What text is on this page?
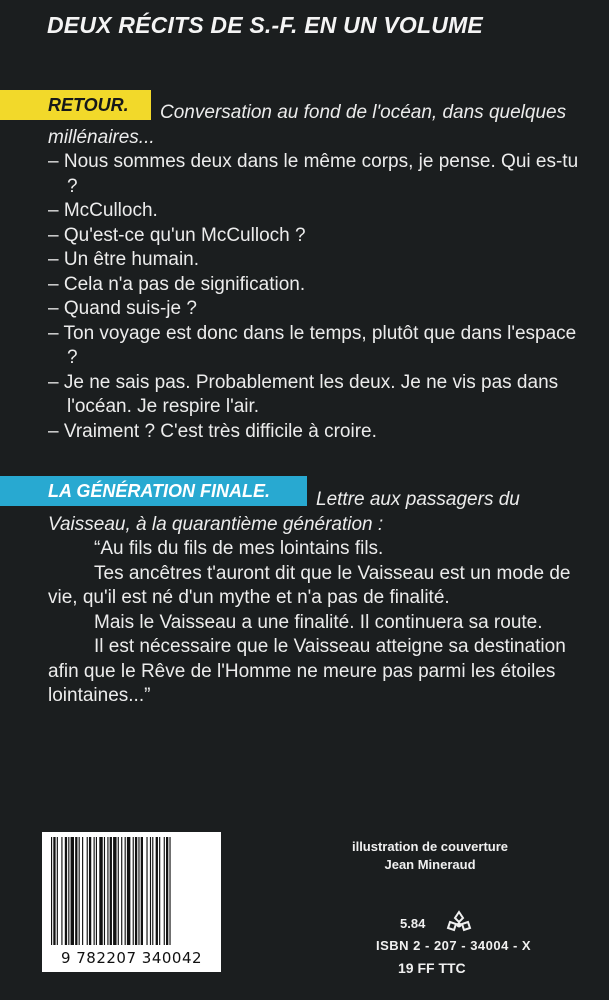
DEUX RÉCITS DE S.-F. EN UN VOLUME
RETOUR.	Conversation au fond de l'océan, dans quelques millénaires...
– Nous sommes deux dans le même corps, je pense. Qui es-tu ?
– McCulloch.
– Qu'est-ce qu'un McCulloch ?
– Un être humain.
– Cela n'a pas de signification.
– Quand suis-je ?
– Ton voyage est donc dans le temps, plutôt que dans l'espace ?
– Je ne sais pas. Probablement les deux. Je ne vis pas dans l'océan. Je respire l'air.
– Vraiment ? C'est très difficile à croire.
LA GÉNÉRATION FINALE.	Lettre aux passagers du Vaisseau, à la quarantième génération :
“Au fils du fils de mes lointains fils.
Tes ancêtres t'auront dit que le Vaisseau est un mode de vie, qu'il est né d'un mythe et n'a pas de finalité.
Mais le Vaisseau a une finalité. Il continuera sa route.
Il est nécessaire que le Vaisseau atteigne sa destination afin que le Rêve de l'Homme ne meure pas parmi les étoiles lointaines...”
9 782207 340042
illustration de couverture
Jean Mineraud
5.84
ISBN 2 - 207 - 34004 - X
19 FF TTC
